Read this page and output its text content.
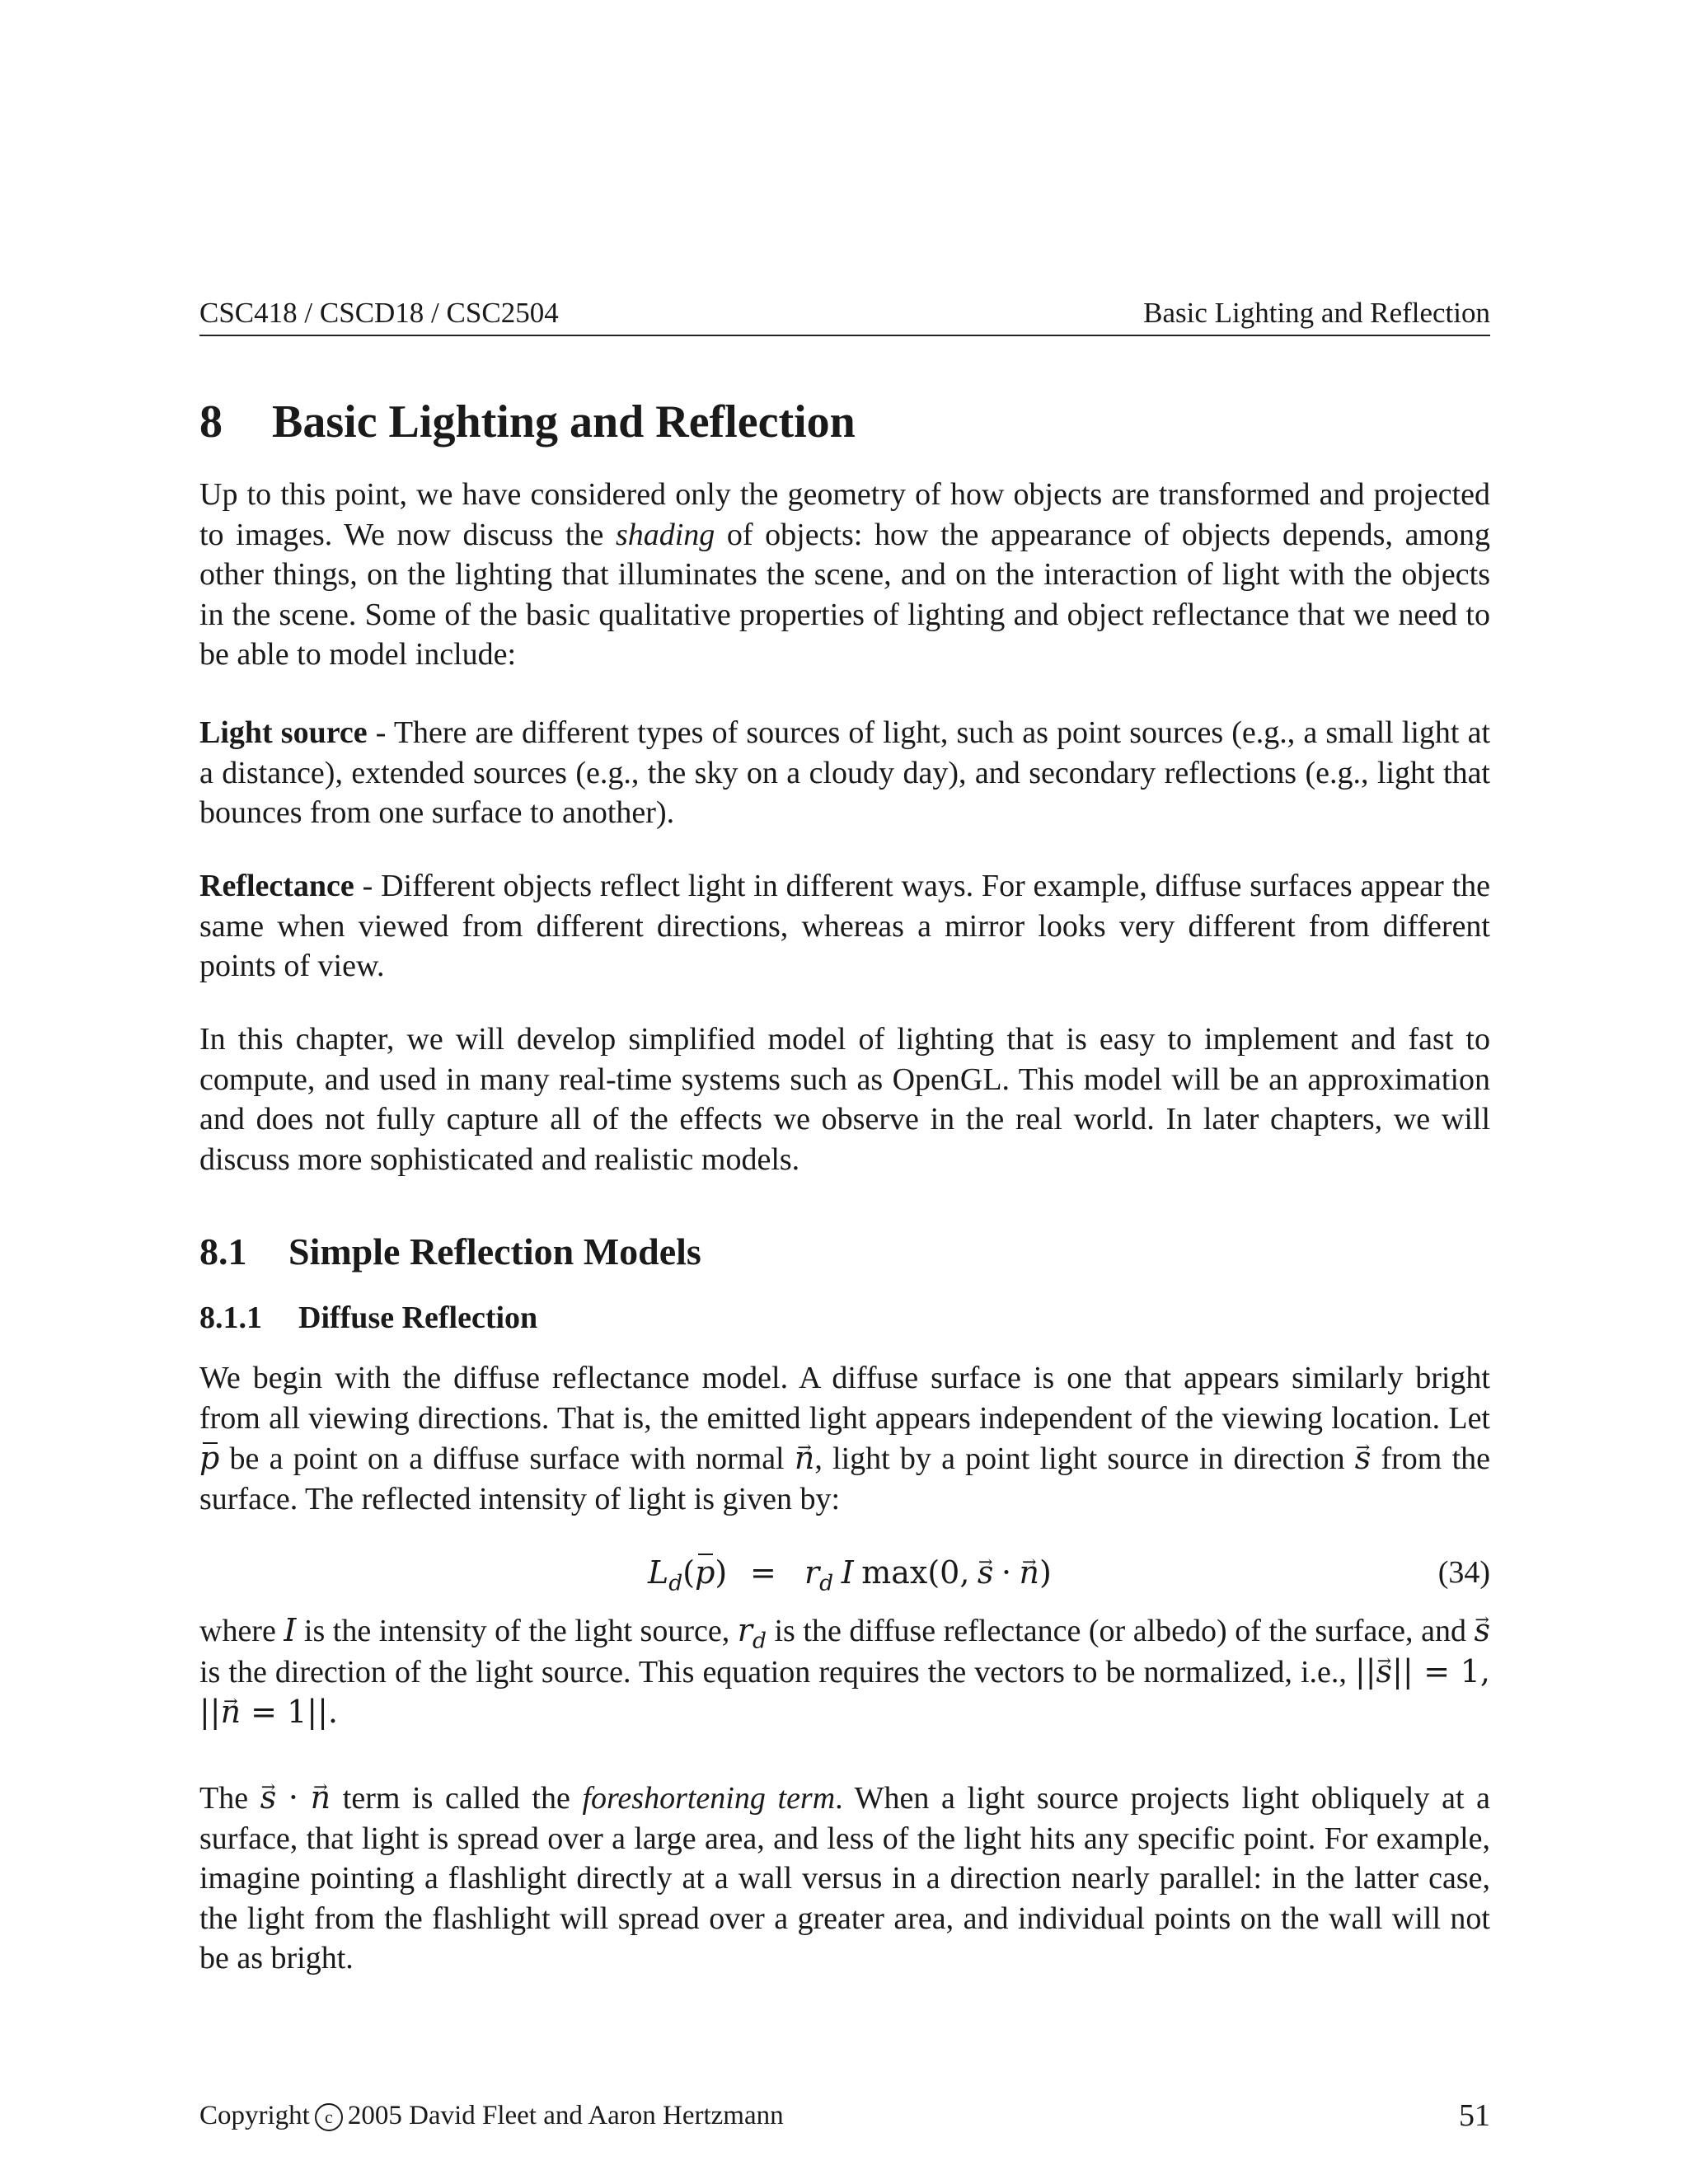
CSC418 / CSCD18 / CSC2504	Basic Lighting and Reflection
8 Basic Lighting and Reflection

Up to this point, we have considered only the geometry of how objects are transformed and projected to images. We now discuss the shading of objects: how the appearance of objects depends, among other things, on the lighting that illuminates the scene, and on the interaction of light with the objects in the scene. Some of the basic qualitative properties of lighting and object reflectance that we need to be able to model include:

Light source - There are different types of sources of light, such as point sources (e.g., a small light at a distance), extended sources (e.g., the sky on a cloudy day), and secondary reflections (e.g., light that bounces from one surface to another).

Reflectance - Different objects reflect light in different ways. For example, diffuse surfaces appear the same when viewed from different directions, whereas a mirror looks very different from different points of view.

In this chapter, we will develop simplified model of lighting that is easy to implement and fast to compute, and used in many real-time systems such as OpenGL. This model will be an approximation and does not fully capture all of the effects we observe in the real world. In later chapters, we will discuss more sophisticated and realistic models.

8.1 Simple Reflection Models
8.1.1 Diffuse Reflection

We begin with the diffuse reflectance model. A diffuse surface is one that appears similarly bright from all viewing directions. That is, the emitted light appears independent of the viewing location. Let p be a point on a diffuse surface with normal n →, light by a point light source in direction s → from the surface. The reflected intensity of light is given by:

$L_d(p) = r_d$ I max(0, s → · n →)	(34)

where I is the intensity of the light source, $r_d$ is the diffuse reflectance (or albedo) of the surface, and s → is the direction of the light source. This equation requires the vectors to be normalized, i.e., ||s →|| = 1, ||n → = 1||.

The s → · n → term is called the foreshortening term. When a light source projects light obliquely at a surface, that light is spread over a large area, and less of the light hits any specific point. For example, imagine pointing a flashlight directly at a wall versus in a direction nearly parallel: in the latter case, the light from the flashlight will spread over a greater area, and individual points on the wall will not be as bright.

Copyright c 2005 David Fleet and Aaron Hertzmann	51
